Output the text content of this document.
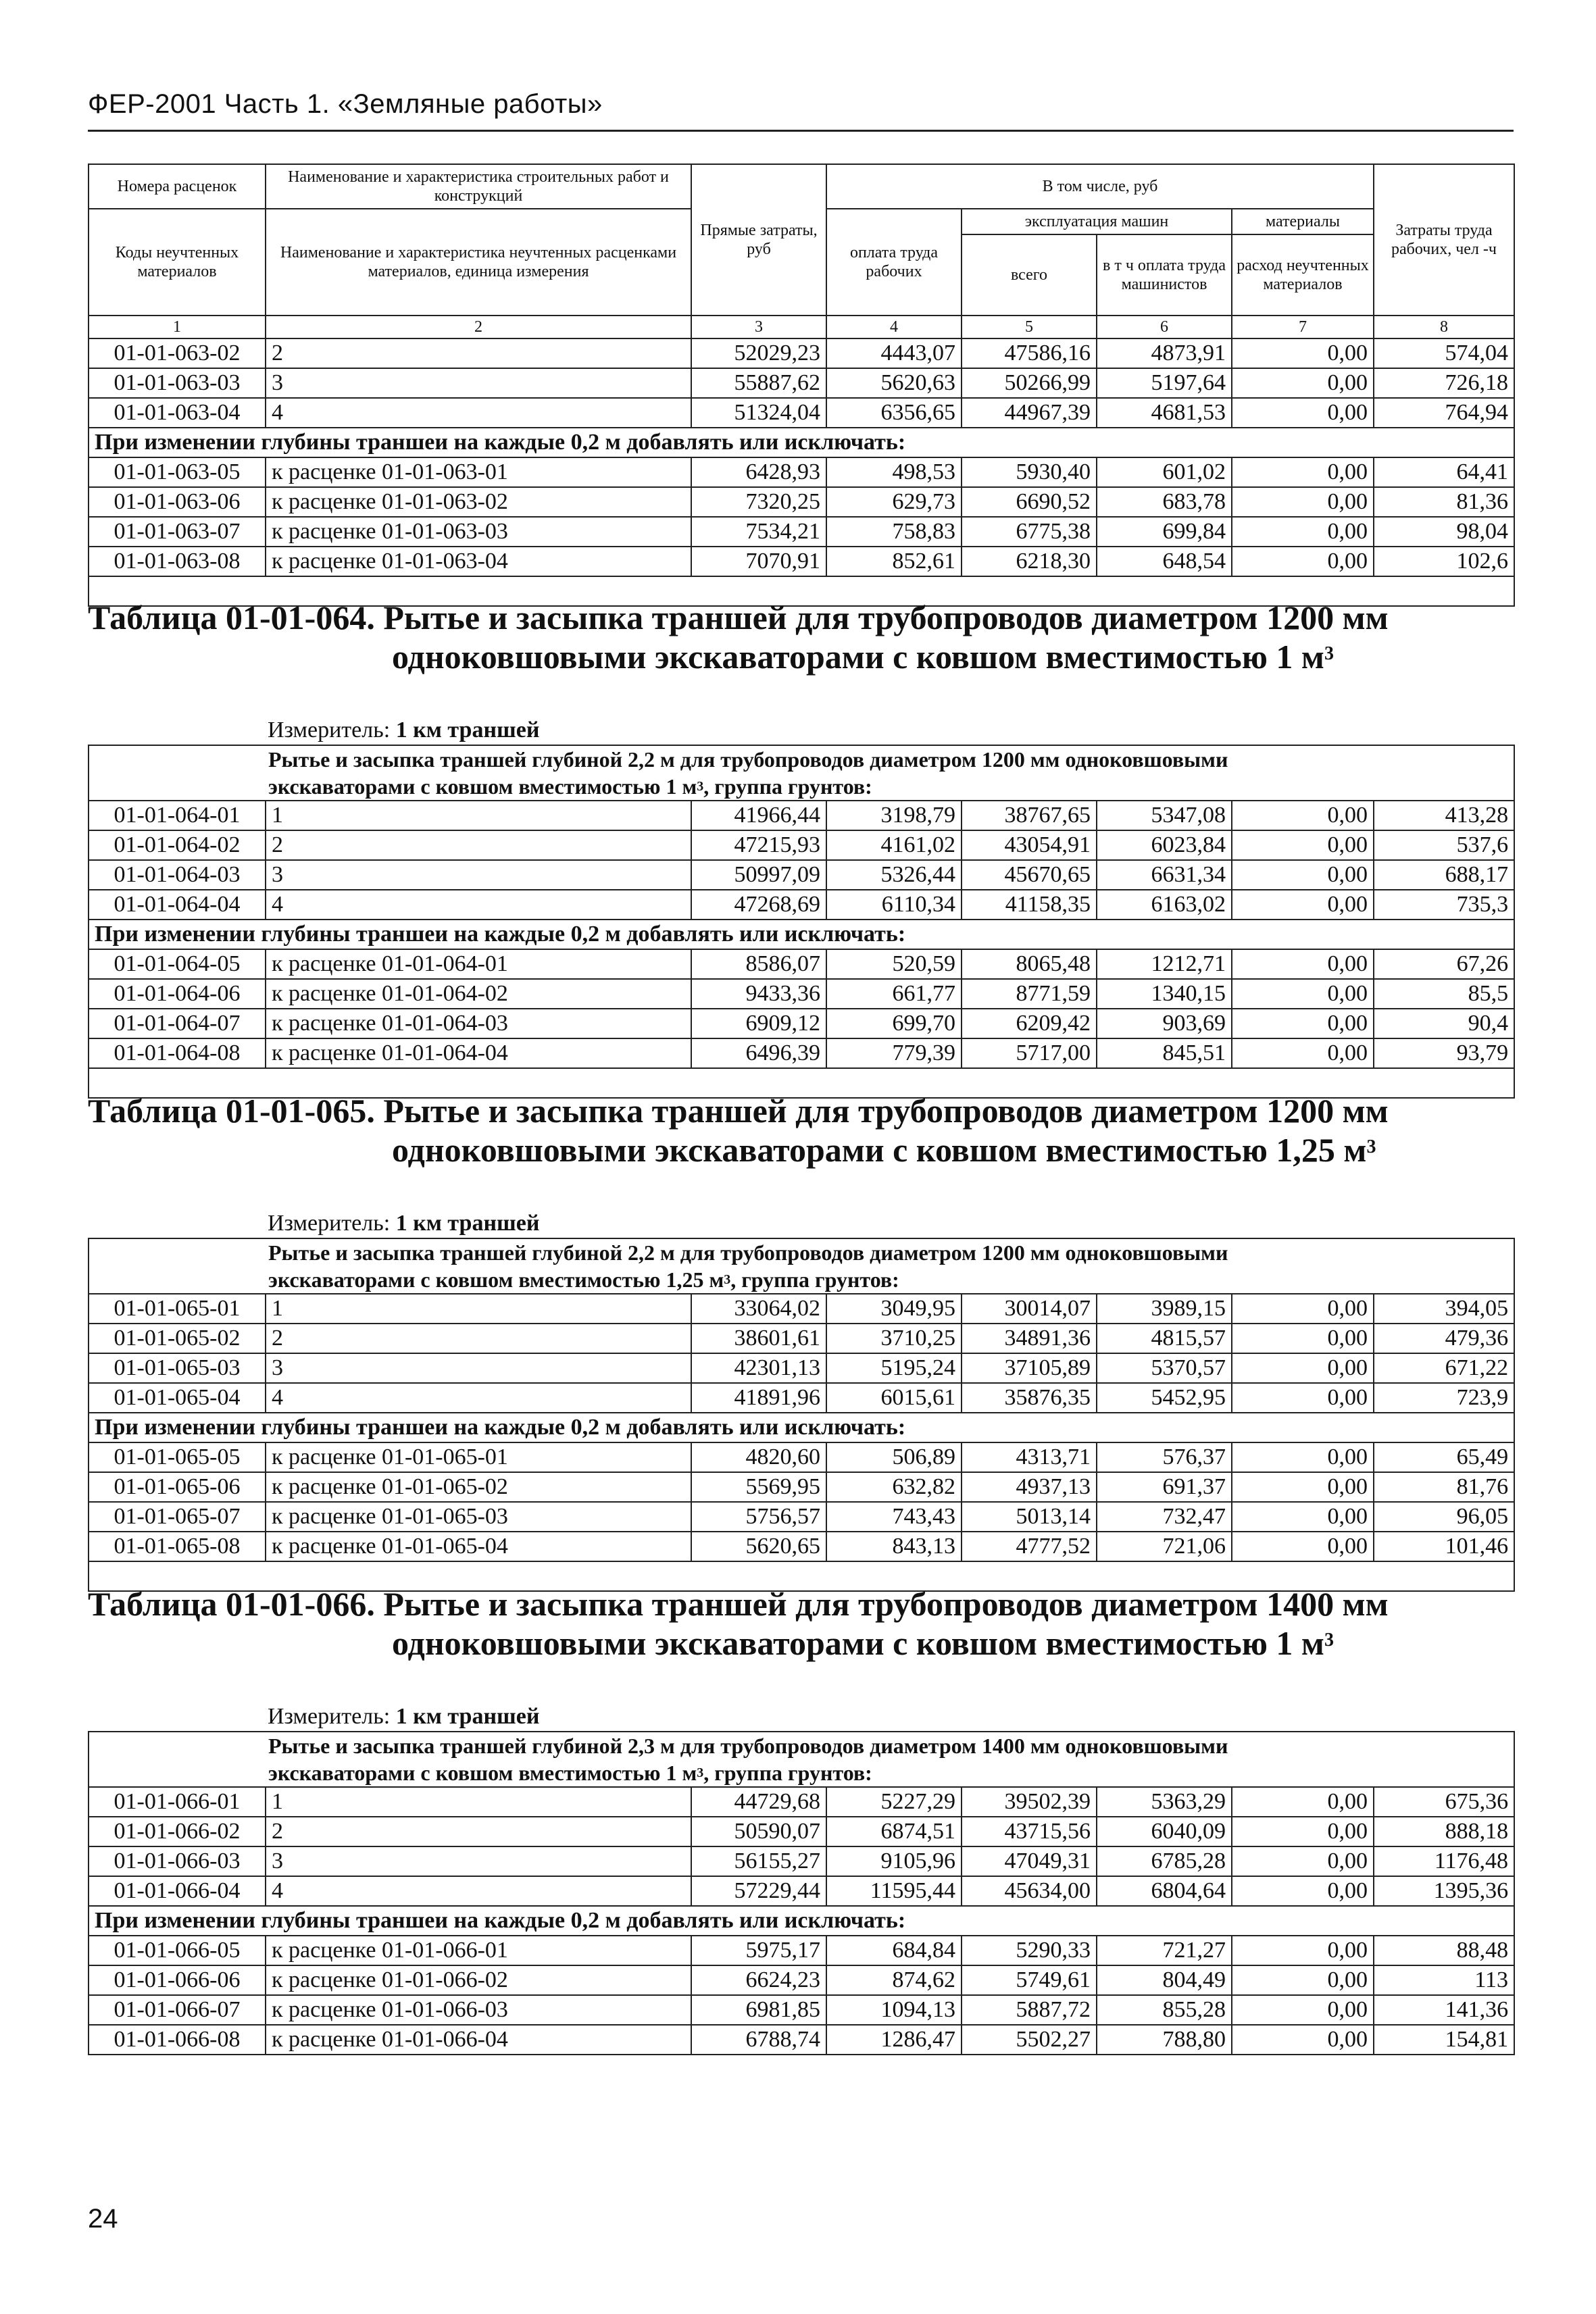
ФЕР-2001 Часть 1. «Земляные работы»
Номера расценок	Наименование и характеристика строительных работ и конструкций	Прямые затраты, руб	В том числе, руб				Затраты труда рабочих, чел -ч
Коды неучтенных материалов	Наименование и характеристика неучтенных расценками материалов, единица измерения		оплата труда рабочих	эксплуатация машин		материалы	
				всего	в т ч оплата труда машинистов	расход неучтенных материалов	
1	2	3	4	5	6	7	8
01-01-063-02	2	52029,23	4443,07	47586,16	4873,91	0,00	574,04
01-01-063-03	3	55887,62	5620,63	50266,99	5197,64	0,00	726,18
01-01-063-04	4	51324,04	6356,65	44967,39	4681,53	0,00	764,94
При изменении глубины траншеи на каждые 0,2 м добавлять или исключать:							
01-01-063-05	к расценке 01-01-063-01	6428,93	498,53	5930,40	601,02	0,00	64,41
01-01-063-06	к расценке 01-01-063-02	7320,25	629,73	6690,52	683,78	0,00	81,36
01-01-063-07	к расценке 01-01-063-03	7534,21	758,83	6775,38	699,84	0,00	98,04
01-01-063-08	к расценке 01-01-063-04	7070,91	852,61	6218,30	648,54	0,00	102,6

Таблица 01-01-064. Рытье и засыпка траншей для трубопроводов диаметром 1200 мм
одноковшовыми экскаваторами с ковшом вместимостью 1 $м^3$
Измеритель: 1 км траншей							
Рытье и засыпка траншей глубиной 2,2 м для трубопроводов диаметром 1200 мм одноковшовыми
экскаваторами с ковшом вместимостью 1 $м^3$, группа грунтов:							
01-01-064-01	1	41966,44	3198,79	38767,65	5347,08	0,00	413,28
01-01-064-02	2	47215,93	4161,02	43054,91	6023,84	0,00	537,6
01-01-064-03	3	50997,09	5326,44	45670,65	6631,34	0,00	688,17
01-01-064-04	4	47268,69	6110,34	41158,35	6163,02	0,00	735,3
При изменении глубины траншеи на каждые 0,2 м добавлять или исключать:							
01-01-064-05	к расценке 01-01-064-01	8586,07	520,59	8065,48	1212,71	0,00	67,26
01-01-064-06	к расценке 01-01-064-02	9433,36	661,77	8771,59	1340,15	0,00	85,5
01-01-064-07	к расценке 01-01-064-03	6909,12	699,70	6209,42	903,69	0,00	90,4
01-01-064-08	к расценке 01-01-064-04	6496,39	779,39	5717,00	845,51	0,00	93,79

Таблица 01-01-065. Рытье и засыпка траншей для трубопроводов диаметром 1200 мм
одноковшовыми экскаваторами с ковшом вместимостью 1,25 $м^3$
Измеритель: 1 км траншей							
Рытье и засыпка траншей глубиной 2,2 м для трубопроводов диаметром 1200 мм одноковшовыми
экскаваторами с ковшом вместимостью 1,25 $м^3$, группа грунтов:							
01-01-065-01	1	33064,02	3049,95	30014,07	3989,15	0,00	394,05
01-01-065-02	2	38601,61	3710,25	34891,36	4815,57	0,00	479,36
01-01-065-03	3	42301,13	5195,24	37105,89	5370,57	0,00	671,22
01-01-065-04	4	41891,96	6015,61	35876,35	5452,95	0,00	723,9
При изменении глубины траншеи на каждые 0,2 м добавлять или исключать:							
01-01-065-05	к расценке 01-01-065-01	4820,60	506,89	4313,71	576,37	0,00	65,49
01-01-065-06	к расценке 01-01-065-02	5569,95	632,82	4937,13	691,37	0,00	81,76
01-01-065-07	к расценке 01-01-065-03	5756,57	743,43	5013,14	732,47	0,00	96,05
01-01-065-08	к расценке 01-01-065-04	5620,65	843,13	4777,52	721,06	0,00	101,46

Таблица 01-01-066. Рытье и засыпка траншей для трубопроводов диаметром 1400 мм
одноковшовыми экскаваторами с ковшом вместимостью 1 $м^3$
Измеритель: 1 км траншей							
Рытье и засыпка траншей глубиной 2,3 м для трубопроводов диаметром 1400 мм одноковшовыми
экскаваторами с ковшом вместимостью 1 $м^3$, группа грунтов:							
01-01-066-01	1	44729,68	5227,29	39502,39	5363,29	0,00	675,36
01-01-066-02	2	50590,07	6874,51	43715,56	6040,09	0,00	888,18
01-01-066-03	3	56155,27	9105,96	47049,31	6785,28	0,00	1176,48
01-01-066-04	4	57229,44	11595,44	45634,00	6804,64	0,00	1395,36
При изменении глубины траншеи на каждые 0,2 м добавлять или исключать:							
01-01-066-05	к расценке 01-01-066-01	5975,17	684,84	5290,33	721,27	0,00	88,48
01-01-066-06	к расценке 01-01-066-02	6624,23	874,62	5749,61	804,49	0,00	113
01-01-066-07	к расценке 01-01-066-03	6981,85	1094,13	5887,72	855,28	0,00	141,36
01-01-066-08	к расценке 01-01-066-04	6788,74	1286,47	5502,27	788,80	0,00	154,81
24
